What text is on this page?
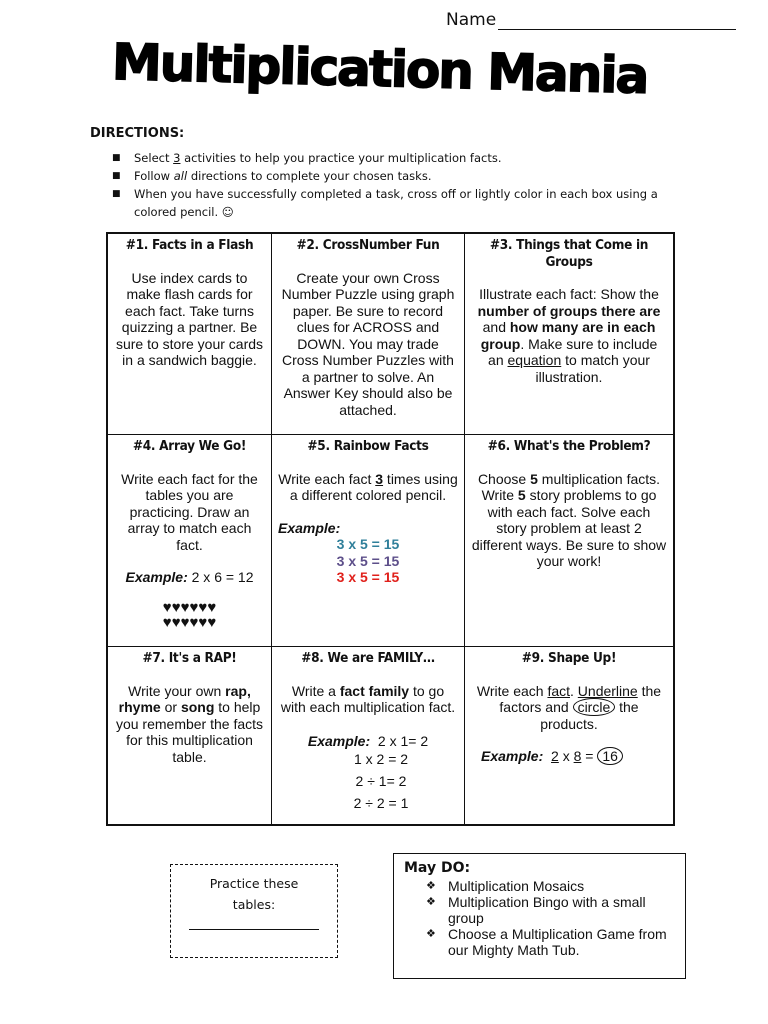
Name
Multiplication Mania
DIRECTIONS:
■ Select 3 activities to help you practice your multiplication facts.
■ Follow all directions to complete your chosen tasks.
■ When you have successfully completed a task, cross off or lightly color in each box using a colored pencil. ☺
#1. Facts in a Flash

Use index cards to make flash cards for each fact. Take turns quizzing a partner. Be sure to store your cards in a sandwich baggie.

#2. CrossNumber Fun

Create your own Cross Number Puzzle using graph paper. Be sure to record clues for ACROSS and DOWN. You may trade Cross Number Puzzles with a partner to solve. An Answer Key should also be attached.

#3. Things that Come in Groups

Illustrate each fact: Show the number of groups there are and how many are in each group. Make sure to include an equation to match your illustration.

#4. Array We Go!

Write each fact for the tables you are practicing. Draw an array to match each fact.

Example: 2 x 6 = 12
♥♥♥♥♥♥
♥♥♥♥♥♥
#5. Rainbow Facts

Write each fact 3 times using a different colored pencil.

Example:
3 x 5 = 15
3 x 5 = 15
3 x 5 = 15
#6. What's the Problem?

Choose 5 multiplication facts. Write 5 story problems to go with each fact. Solve each story problem at least 2 different ways. Be sure to show your work!

#7. It's a RAP!

Write your own rap, rhyme or song to help you remember the facts for this multiplication table.

#8. We are FAMILY…

Write a fact family to go with each multiplication fact.

Example: 2 x 1= 2
1 x 2 = 2
2 ÷ 1= 2
2 ÷ 2 = 1
#9. Shape Up!

Write each fact. Underline the factors and circle the products.

Example: 2 x 8 = 16
Practice these tables:
May DO:
❖ Multiplication Mosaics
❖ Multiplication Bingo with a small group
❖ Choose a Multiplication Game from our Mighty Math Tub.
